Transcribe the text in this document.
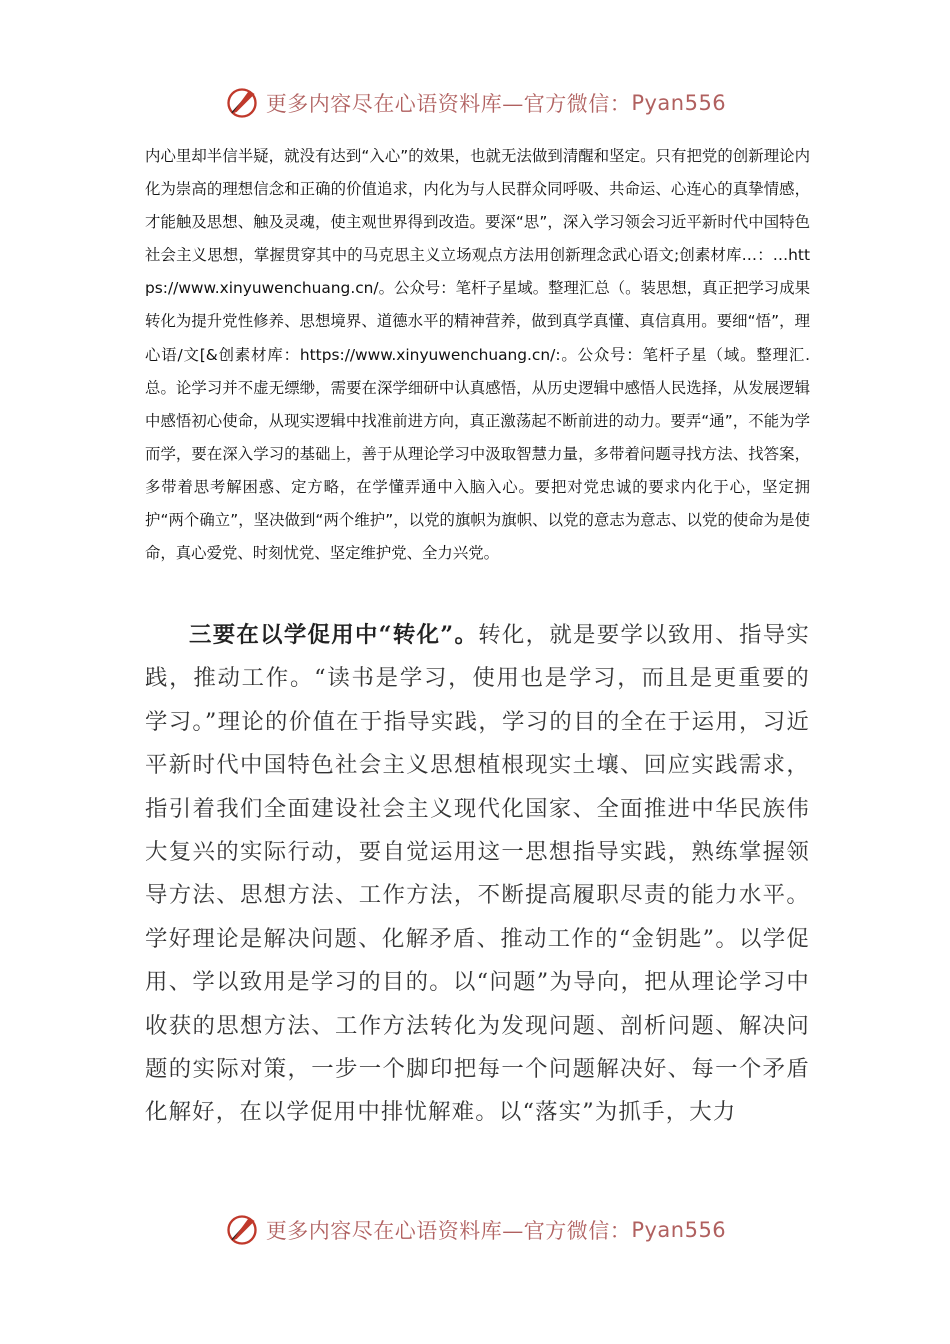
更多内容尽在心语资料库—官方微信： Pyan556
内心里却半信半疑，就没有达到“入心”的效果，也就无法做到清醒和坚定。只有把党的创新理论内化为崇高的理想信念和正确的价值追求，内化为与人民群众同呼吸、共命运、心连心的真挚情感，才能触及思想、触及灵魂，使主观世界得到改造。要深“思”，深入学习领会习近平新时代中国特色社会主义思想，掌握贯穿其中的马克思主义立场观点方法用创新理念武心语文;创素材库…：…https://www.xinyuwenchuang.cn/。公众号：笔杆子星域。整理汇总（。装思想，真正把学习成果转化为提升党性修养、思想境界、道德水平的精神营养，做到真学真懂、真信真用。要细“悟”，理心语/文[&创素材库：https://www.xinyuwenchuang.cn/:。公众号：笔杆子星（域。整理汇.总。论学习并不虚无缥缈，需要在深学细研中认真感悟，从历史逻辑中感悟人民选择，从发展逻辑中感悟初心使命，从现实逻辑中找准前进方向，真正激荡起不断前进的动力。要弄“通”，不能为学而学，要在深入学习的基础上，善于从理论学习中汲取智慧力量，多带着问题寻找方法、找答案，多带着思考解困惑、定方略，在学懂弄通中入脑入心。要把对党忠诚的要求内化于心，坚定拥护“两个确立”，坚决做到“两个维护”，以党的旗帜为旗帜、以党的意志为意志、以党的使命为是使命，真心爱党、时刻忧党、坚定维护党、全力兴党。
三要在以学促用中“转化”。转化，就是要学以致用、指导实践，推动工作。“读书是学习，使用也是学习，而且是更重要的学习。”理论的价值在于指导实践，学习的目的全在于运用，习近平新时代中国特色社会主义思想植根现实土壤、回应实践需求，指引着我们全面建设社会主义现代化国家、全面推进中华民族伟大复兴的实际行动，要自觉运用这一思想指导实践，熟练掌握领导方法、思想方法、工作方法，不断提高履职尽责的能力水平。学好理论是解决问题、化解矛盾、推动工作的“金钥匙”。以学促用、学以致用是学习的目的。以“问题”为导向，把从理论学习中收获的思想方法、工作方法转化为发现问题、剖析问题、解决问题的实际对策，一步一个脚印把每一个问题解决好、每一个矛盾化解好，在以学促用中排忧解难。以“落实”为抓手，大力
更多内容尽在心语资料库—官方微信： Pyan556
